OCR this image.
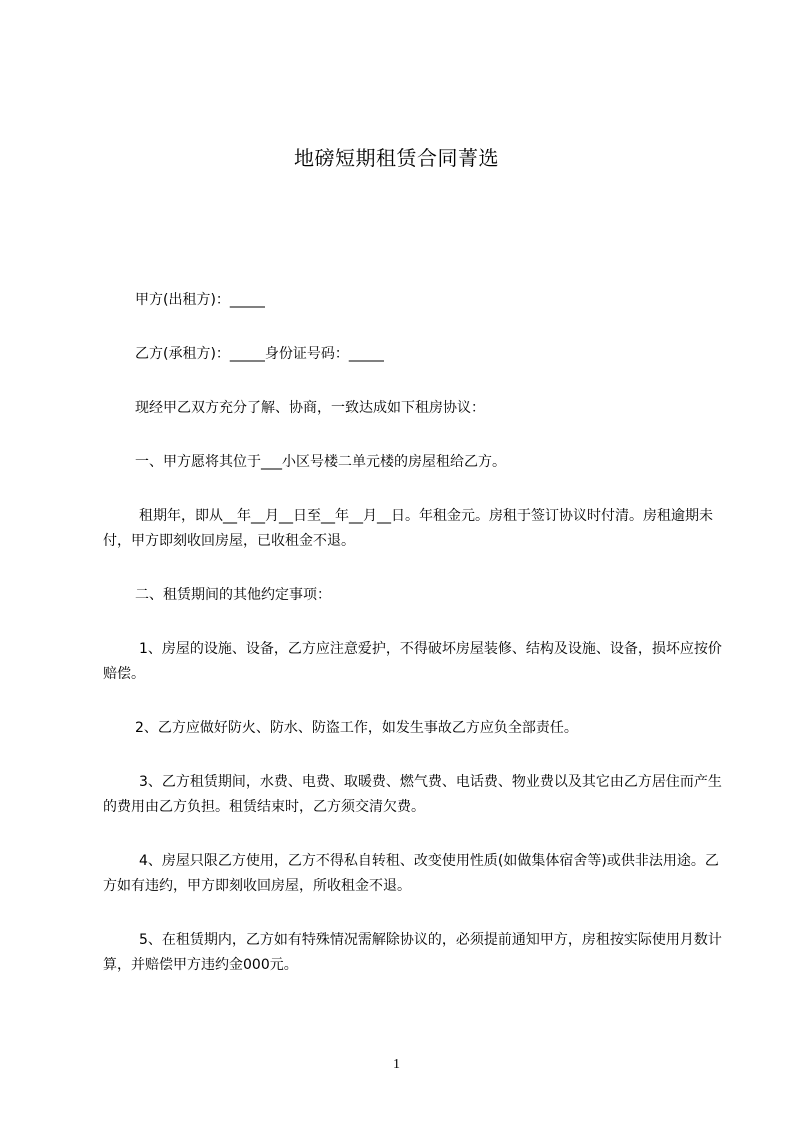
地磅短期租赁合同菁选

甲方(出租方)：_____

乙方(承租方)：_____身份证号码：_____

现经甲乙双方充分了解、协商，一致达成如下租房协议：

一、甲方愿将其位于___小区号楼二单元楼的房屋租给乙方。

租期年，即从__年__月__日至__年__月__日。年租金元。房租于签订协议时付清。房租逾期未付，甲方即刻收回房屋，已收租金不退。

二、租赁期间的其他约定事项：

1、房屋的设施、设备，乙方应注意爱护，不得破坏房屋装修、结构及设施、设备，损坏应按价赔偿。

2、乙方应做好防火、防水、防盗工作，如发生事故乙方应负全部责任。

3、乙方租赁期间，水费、电费、取暖费、燃气费、电话费、物业费以及其它由乙方居住而产生的费用由乙方负担。租赁结束时，乙方须交清欠费。

4、房屋只限乙方使用，乙方不得私自转租、改变使用性质(如做集体宿舍等)或供非法用途。乙方如有违约，甲方即刻收回房屋，所收租金不退。

5、在租赁期内，乙方如有特殊情况需解除协议的，必须提前通知甲方，房租按实际使用月数计算，并赔偿甲方违约金000元。

1
